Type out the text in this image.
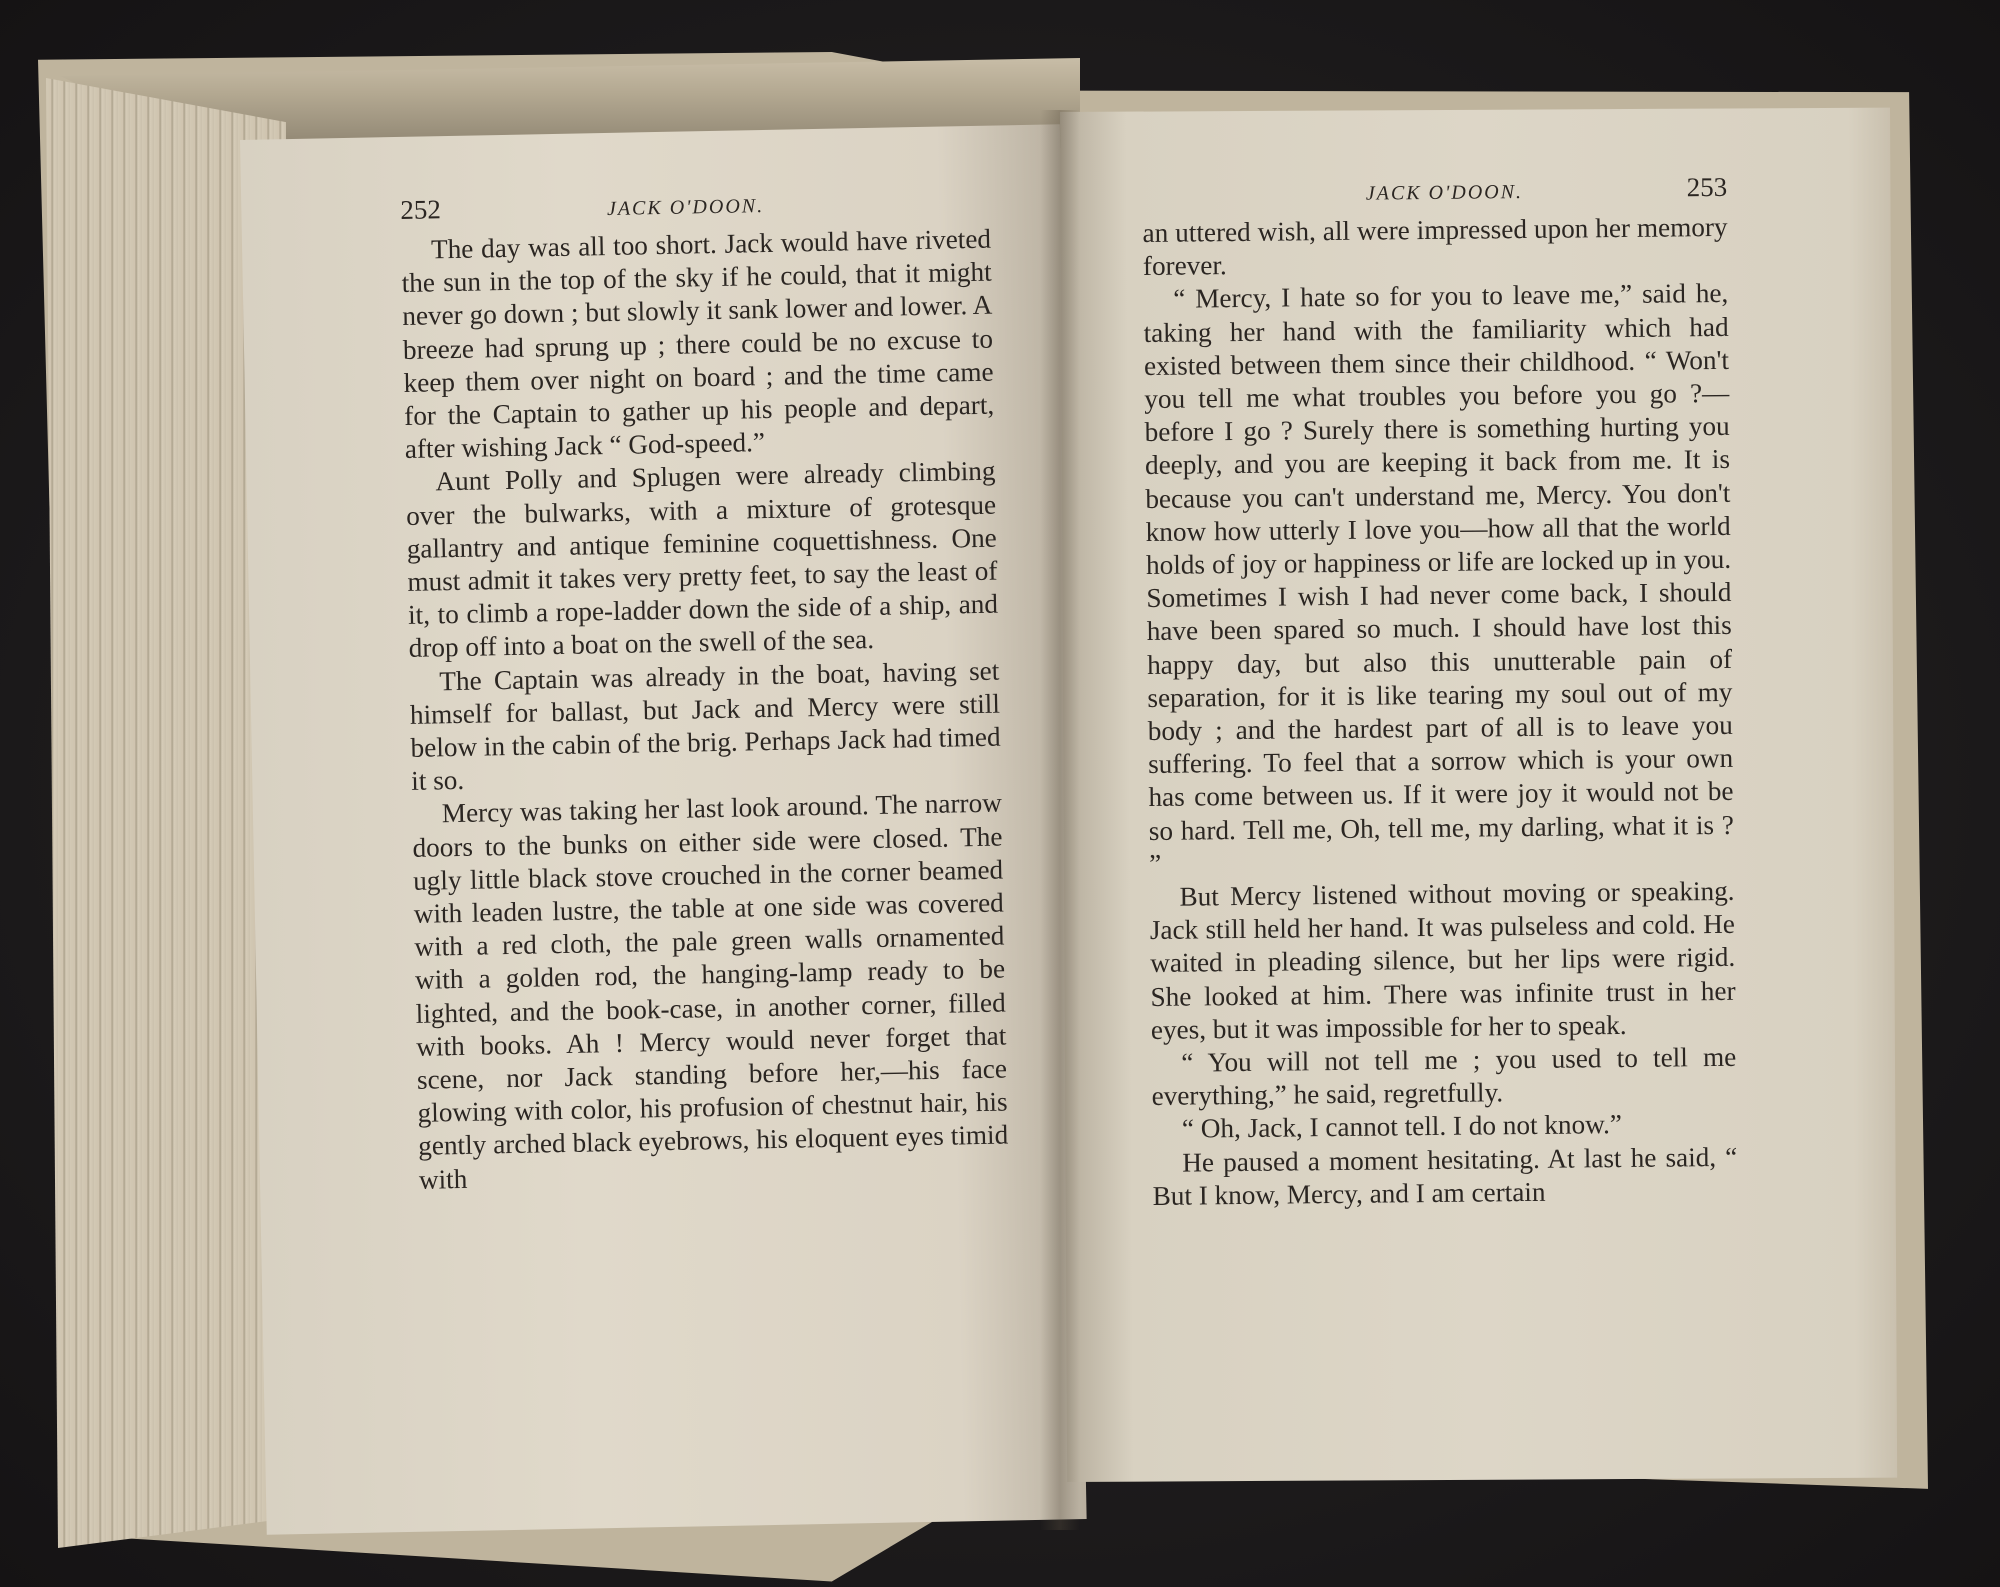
252	JACK O'DOON.

The day was all too short. Jack would have riveted the sun in the top of the sky if he could, that it might never go down ; but slowly it sank lower and lower. A breeze had sprung up ; there could be no excuse to keep them over night on board ; and the time came for the Captain to gather up his people and depart, after wishing Jack “ God-speed.”

Aunt Polly and Splugen were already climbing over the bulwarks, with a mixture of grotesque gallantry and antique feminine coquettishness. One must admit it takes very pretty feet, to say the least of it, to climb a rope-ladder down the side of a ship, and drop off into a boat on the swell of the sea.

The Captain was already in the boat, having set himself for ballast, but Jack and Mercy were still below in the cabin of the brig. Perhaps Jack had timed it so.

Mercy was taking her last look around. The narrow doors to the bunks on either side were closed. The ugly little black stove crouched in the corner beamed with leaden lustre, the table at one side was covered with a red cloth, the pale green walls ornamented with a golden rod, the hanging-lamp ready to be lighted, and the book-case, in another corner, filled with books. Ah ! Mercy would never forget that scene, nor Jack standing before her,—his face glowing with color, his profusion of chestnut hair, his gently arched black eyebrows, his eloquent eyes timid with

JACK O'DOON.	253

an uttered wish, all were impressed upon her memory forever.

“ Mercy, I hate so for you to leave me,” said he, taking her hand with the familiarity which had existed between them since their childhood. “ Won't you tell me what troubles you before you go ?—before I go ? Surely there is something hurting you deeply, and you are keeping it back from me. It is because you can't understand me, Mercy. You don't know how utterly I love you—how all that the world holds of joy or happiness or life are locked up in you. Sometimes I wish I had never come back, I should have been spared so much. I should have lost this happy day, but also this unutterable pain of separation, for it is like tearing my soul out of my body ; and the hardest part of all is to leave you suffering. To feel that a sorrow which is your own has come between us. If it were joy it would not be so hard. Tell me, Oh, tell me, my darling, what it is ? ”

But Mercy listened without moving or speaking. Jack still held her hand. It was pulseless and cold. He waited in pleading silence, but her lips were rigid. She looked at him. There was infinite trust in her eyes, but it was impossible for her to speak.

“ You will not tell me ; you used to tell me everything,” he said, regretfully.

“ Oh, Jack, I cannot tell. I do not know.”

He paused a moment hesitating. At last he said, “ But I know, Mercy, and I am certain
